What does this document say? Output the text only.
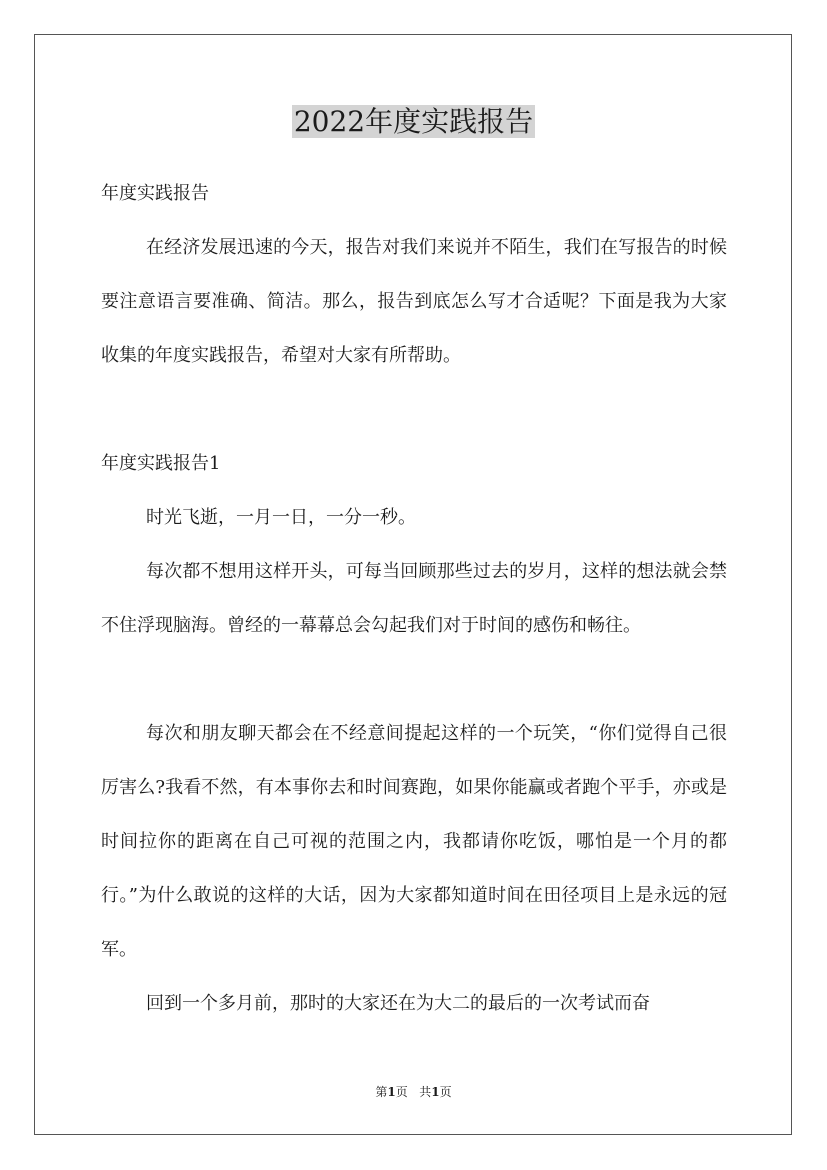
2022年度实践报告

年度实践报告

在经济发展迅速的今天，报告对我们来说并不陌生，我们在写报告的时候要注意语言要准确、简洁。那么，报告到底怎么写才合适呢？下面是我为大家收集的年度实践报告，希望对大家有所帮助。

年度实践报告1

时光飞逝，一月一日，一分一秒。

每次都不想用这样开头，可每当回顾那些过去的岁月，这样的想法就会禁不住浮现脑海。曾经的一幕幕总会勾起我们对于时间的感伤和畅往。

每次和朋友聊天都会在不经意间提起这样的一个玩笑，“你们觉得自己很厉害么?我看不然，有本事你去和时间赛跑，如果你能赢或者跑个平手，亦或是时间拉你的距离在自己可视的范围之内，我都请你吃饭，哪怕是一个月的都行。”为什么敢说的这样的大话，因为大家都知道时间在田径项目上是永远的冠军。

回到一个多月前，那时的大家还在为大二的最后的一次考试而奋

第1页   共1页
